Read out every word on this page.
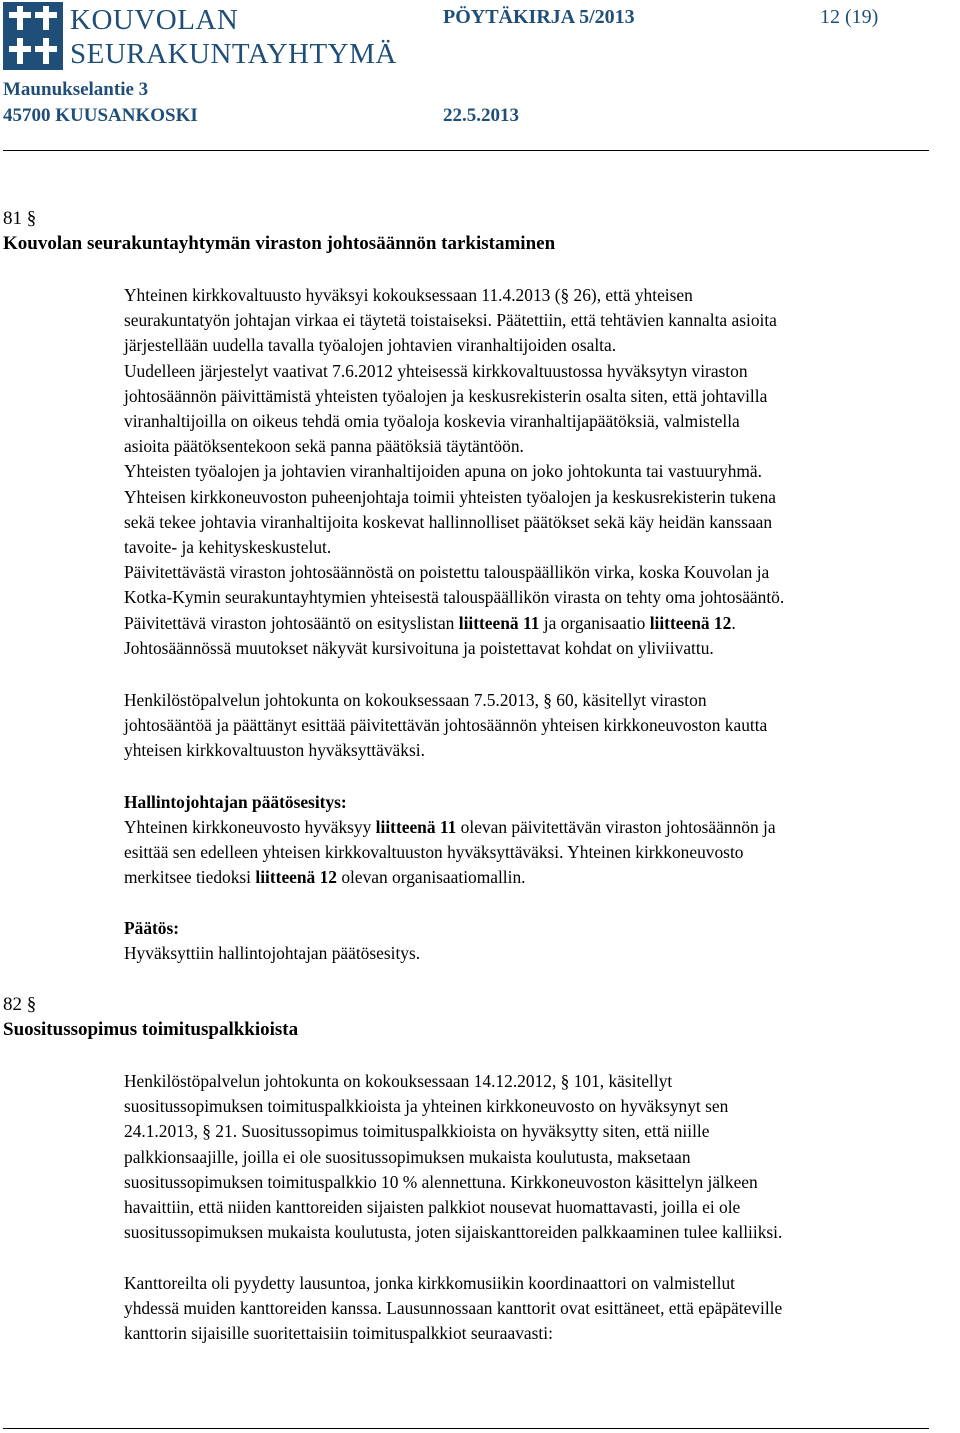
KOUVOLAN
SEURAKUNTAYHTYMÄ
Maunukselantie 3
45700 KUUSANKOSKI
PÖYTÄKIRJA 5/2013	12 (19)
22.5.2013
81 §
Kouvolan seurakuntayhtymän viraston johtosäännön tarkistaminen
Yhteinen kirkkovaltuusto hyväksyi kokouksessaan 11.4.2013 (§ 26), että yhteisen
seurakuntatyön johtajan virkaa ei täytetä toistaiseksi. Päätettiin, että tehtävien kannalta asioita
järjestellään uudella tavalla työalojen johtavien viranhaltijoiden osalta.
Uudelleen järjestelyt vaativat 7.6.2012 yhteisessä kirkkovaltuustossa hyväksytyn viraston
johtosäännön päivittämistä yhteisten työalojen ja keskusrekisterin osalta siten, että johtavilla
viranhaltijoilla on oikeus tehdä omia työaloja koskevia viranhaltijapäätöksiä, valmistella
asioita päätöksentekoon sekä panna päätöksiä täytäntöön.
Yhteisten työalojen ja johtavien viranhaltijoiden apuna on joko johtokunta tai vastuuryhmä.
Yhteisen kirkkoneuvoston puheenjohtaja toimii yhteisten työalojen ja keskusrekisterin tukena
sekä tekee johtavia viranhaltijoita koskevat hallinnolliset päätökset sekä käy heidän kanssaan
tavoite- ja kehityskeskustelut.
Päivitettävästä viraston johtosäännöstä on poistettu talouspäällikön virka, koska Kouvolan ja
Kotka-Kymin seurakuntayhtymien yhteisestä talouspäällikön virasta on tehty oma johtosääntö.
Päivitettävä viraston johtosääntö on esityslistan liitteenä 11 ja organisaatio liitteenä 12.
Johtosäännössä muutokset näkyvät kursivoituna ja poistettavat kohdat on yliviivattu.
Henkilöstöpalvelun johtokunta on kokouksessaan 7.5.2013, § 60, käsitellyt viraston
johtosääntöä ja päättänyt esittää päivitettävän johtosäännön yhteisen kirkkoneuvoston kautta
yhteisen kirkkovaltuuston hyväksyttäväksi.
Hallintojohtajan päätösesitys:
Yhteinen kirkkoneuvosto hyväksyy liitteenä 11 olevan päivitettävän viraston johtosäännön ja
esittää sen edelleen yhteisen kirkkovaltuuston hyväksyttäväksi. Yhteinen kirkkoneuvosto
merkitsee tiedoksi liitteenä 12 olevan organisaatiomallin.
Päätös:
Hyväksyttiin hallintojohtajan päätösesitys.
82 §
Suositussopimus toimituspalkkioista
Henkilöstöpalvelun johtokunta on kokouksessaan 14.12.2012, § 101, käsitellyt
suositussopimuksen toimituspalkkioista ja yhteinen kirkkoneuvosto on hyväksynyt sen
24.1.2013, § 21. Suositussopimus toimituspalkkioista on hyväksytty siten, että niille
palkkionsaajille, joilla ei ole suositussopimuksen mukaista koulutusta, maksetaan
suositussopimuksen toimituspalkkio 10 % alennettuna. Kirkkoneuvoston käsittelyn jälkeen
havaittiin, että niiden kanttoreiden sijaisten palkkiot nousevat huomattavasti, joilla ei ole
suositussopimuksen mukaista koulutusta, joten sijaiskanttoreiden palkkaaminen tulee kalliiksi.
Kanttoreilta oli pyydetty lausuntoa, jonka kirkkomusiikin koordinaattori on valmistellut
yhdessä muiden kanttoreiden kanssa. Lausunnossaan kanttorit ovat esittäneet, että epäpäteville
kanttorin sijaisille suoritettaisiin toimituspalkkiot seuraavasti:
